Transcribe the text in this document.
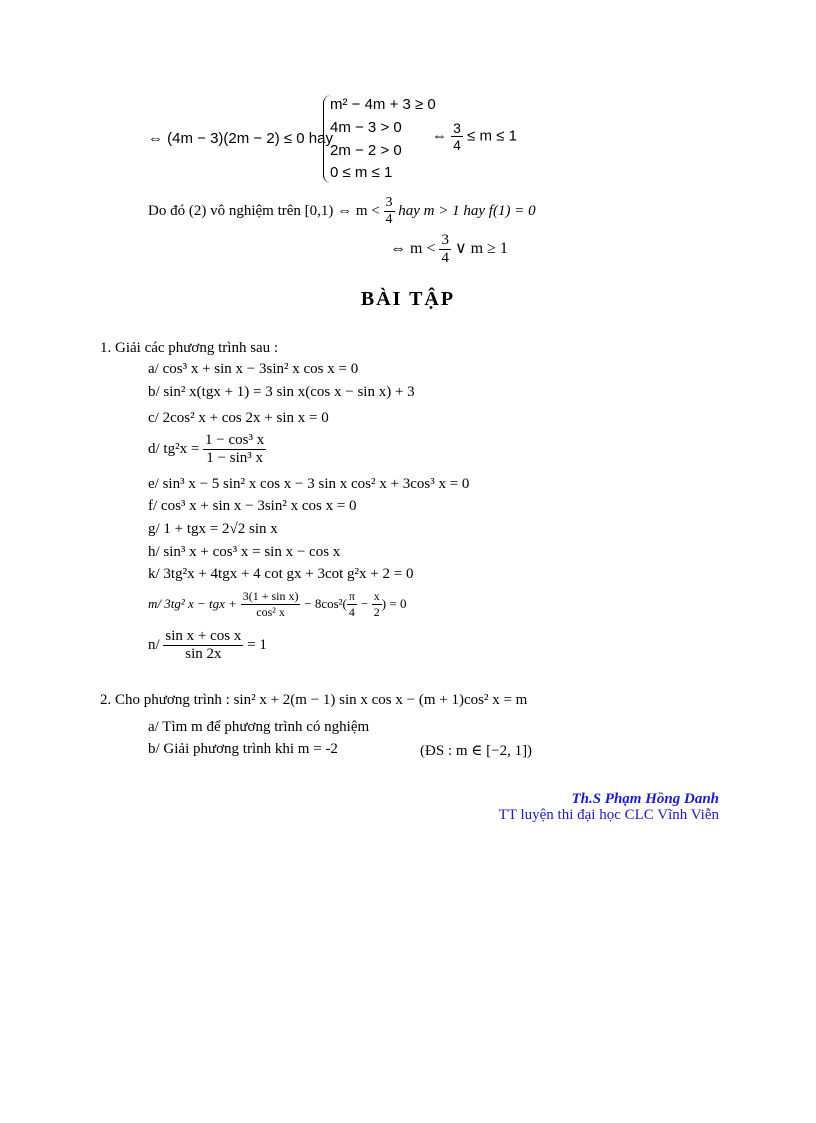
⇔ (4m − 3)(2m − 2) ≤ 0 hay
m² − 4m + 3 ≥ 0
4m − 3 > 0
2m − 2 > 0
0 ≤ m ≤ 1
⇔ $\frac{3}{4} \le m \le 1$
Do đó (2) vô nghiệm trên [0,1) ⇔ $m < \frac{3}{4}$ hay m > 1 hay f(1) = 0
⇔ $m < \frac{3}{4}$ ∨ m ≥ 1
BÀI TẬP
1. Giải các phương trình sau :
a/ cos³ x + sin x − 3sin² x cos x = 0
b/ sin² x(tgx + 1) = 3 sin x(cos x − sin x) + 3
c/ 2cos² x + cos 2x + sin x = 0
d/ $tg^2x = \frac{\text{1 − cos³ x}}{\text{1 − sin³ x}}$
e/ sin³ x − 5 sin² x cos x − 3 sin x cos² x + 3cos³ x = 0
f/ cos³ x + sin x − 3sin² x cos x = 0
g/ 1 + tgx = 2√2 sin x
h/ sin³ x + cos³ x = sin x − cos x
k/ 3tg²x + 4tgx + 4 cot gx + 3cot g²x + 2 = 0
m/ 3tg² x − tgx + $\frac{\text{3(1 + sin x)}}{\text{cos² x}} - 8\cos^2( \frac{\pi}{4} - \frac{x}{2}$ ) = 0
$n/ \frac{\text{sin x + cos x}}{\sin 2x} = 1$
2. Cho phương trình : sin² x + 2(m − 1) sin x cos x − (m + 1)cos² x = m
a/ Tìm m để phương trình có nghiệm
b/ Giải phương trình khi m = -2	(ĐS : m ∈ [−2, 1])
Th.S Phạm Hồng Danh
TT luyện thi đại học CLC Vĩnh Viễn
